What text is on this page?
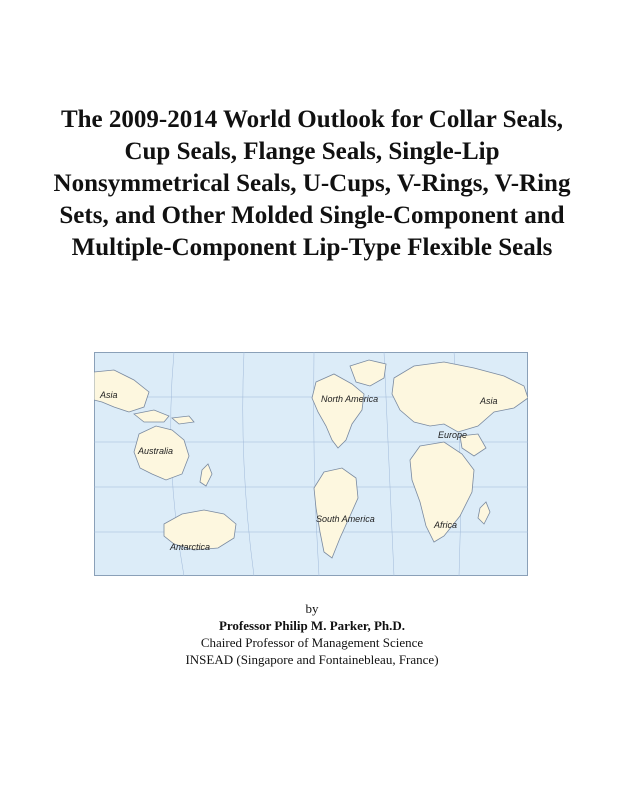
The 2009-2014 World Outlook for Collar Seals, Cup Seals, Flange Seals, Single-Lip Nonsymmetrical Seals, U-Cups, V-Rings, V-Ring Sets, and Other Molded Single-Component and Multiple-Component Lip-Type Flexible Seals
Asia
Australia
Antarctica
North America
South America
Asia
Europe
Africa
by
Professor Philip M. Parker, Ph.D.
Chaired Professor of Management Science
INSEAD (Singapore and Fontainebleau, France)
